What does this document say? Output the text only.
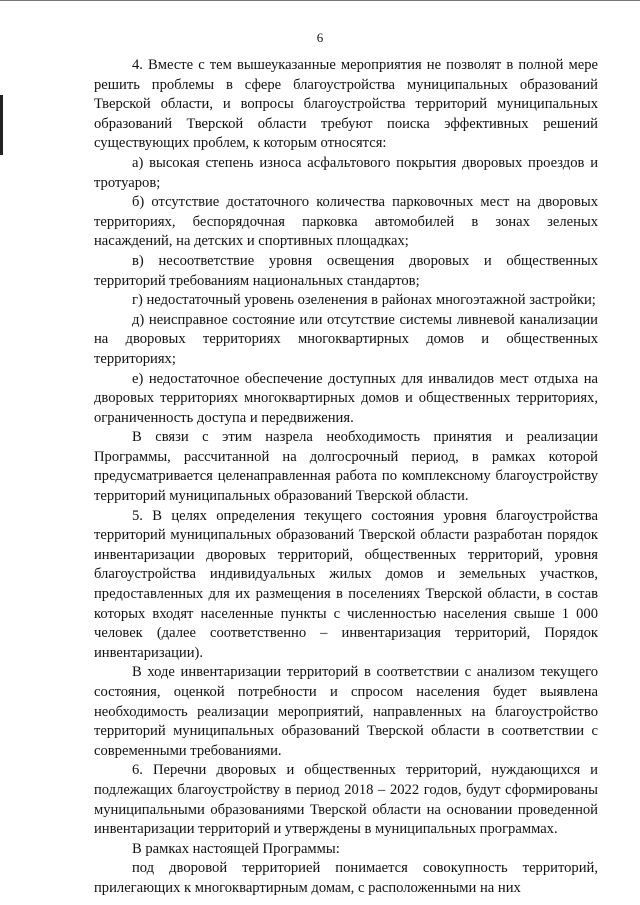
6

4. Вместе с тем вышеуказанные мероприятия не позволят в полной мере решить проблемы в сфере благоустройства муниципальных образований Тверской области, и вопросы благоустройства территорий муниципальных образований Тверской области требуют поиска эффективных решений существующих проблем, к которым относятся:

а) высокая степень износа асфальтового покрытия дворовых проездов и тротуаров;

б) отсутствие достаточного количества парковочных мест на дворовых территориях, беспорядочная парковка автомобилей в зонах зеленых насаждений, на детских и спортивных площадках;

в) несоответствие уровня освещения дворовых и общественных территорий требованиям национальных стандартов;

г) недостаточный уровень озеленения в районах многоэтажной застройки;

д) неисправное состояние или отсутствие системы ливневой канализации на дворовых территориях многоквартирных домов и общественных территориях;

е) недостаточное обеспечение доступных для инвалидов мест отдыха на дворовых территориях многоквартирных домов и общественных территориях, ограниченность доступа и передвижения.

В связи с этим назрела необходимость принятия и реализации Программы, рассчитанной на долгосрочный период, в рамках которой предусматривается целенаправленная работа по комплексному благоустройству территорий муниципальных образований Тверской области.

5. В целях определения текущего состояния уровня благоустройства территорий муниципальных образований Тверской области разработан порядок инвентаризации дворовых территорий, общественных территорий, уровня благоустройства индивидуальных жилых домов и земельных участков, предоставленных для их размещения в поселениях Тверской области, в состав которых входят населенные пункты с численностью населения свыше 1 000 человек (далее соответственно – инвентаризация территорий, Порядок инвентаризации).

В ходе инвентаризации территорий в соответствии с анализом текущего состояния, оценкой потребности и спросом населения будет выявлена необходимость реализации мероприятий, направленных на благоустройство территорий муниципальных образований Тверской области в соответствии с современными требованиями.

6. Перечни дворовых и общественных территорий, нуждающихся и подлежащих благоустройству в период 2018 – 2022 годов, будут сформированы муниципальными образованиями Тверской области на основании проведенной инвентаризации территорий и утверждены в муниципальных программах.

В рамках настоящей Программы:

под дворовой территорией понимается совокупность территорий, прилегающих к многоквартирным домам, с расположенными на них
